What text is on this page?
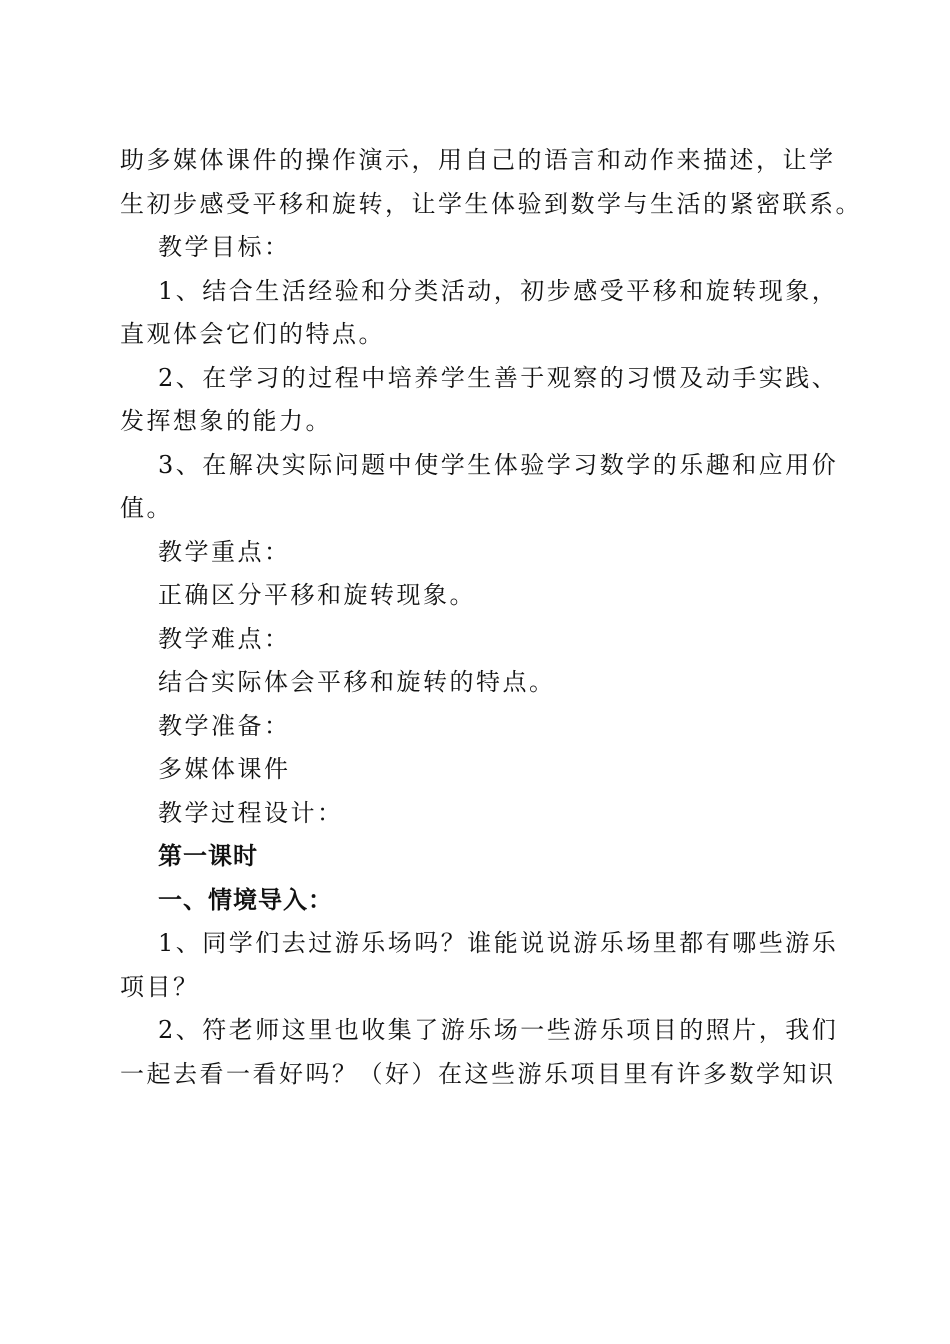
助多媒体课件的操作演示，用自己的语言和动作来描述，让学
生初步感受平移和旋转，让学生体验到数学与生活的紧密联系。
教学目标：
1、结合生活经验和分类活动，初步感受平移和旋转现象，
直观体会它们的特点。
2、在学习的过程中培养学生善于观察的习惯及动手实践、
发挥想象的能力。
3、在解决实际问题中使学生体验学习数学的乐趣和应用价
值。
教学重点：
正确区分平移和旋转现象。
教学难点：
结合实际体会平移和旋转的特点。
教学准备：
多媒体课件
教学过程设计：
第一课时
一、情境导入：
1、同学们去过游乐场吗？谁能说说游乐场里都有哪些游乐
项目？
2、符老师这里也收集了游乐场一些游乐项目的照片，我们
一起去看一看好吗？（好）在这些游乐项目里有许多数学知识
